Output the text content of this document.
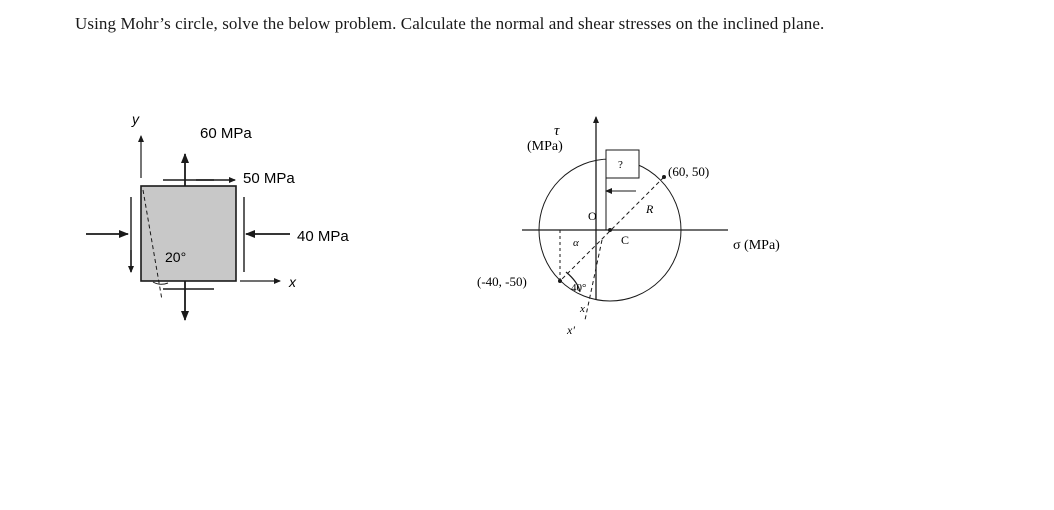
Using Mohr’s circle, solve the below problem. Calculate the normal and shear stresses on the inclined plane.
y
20°
60 MPa
50 MPa
40 MPa
x
τ
(MPa)
σ (MPa)
?	(60, 50)
(-40, -50)
R
C
O
α
40°
x
x'
